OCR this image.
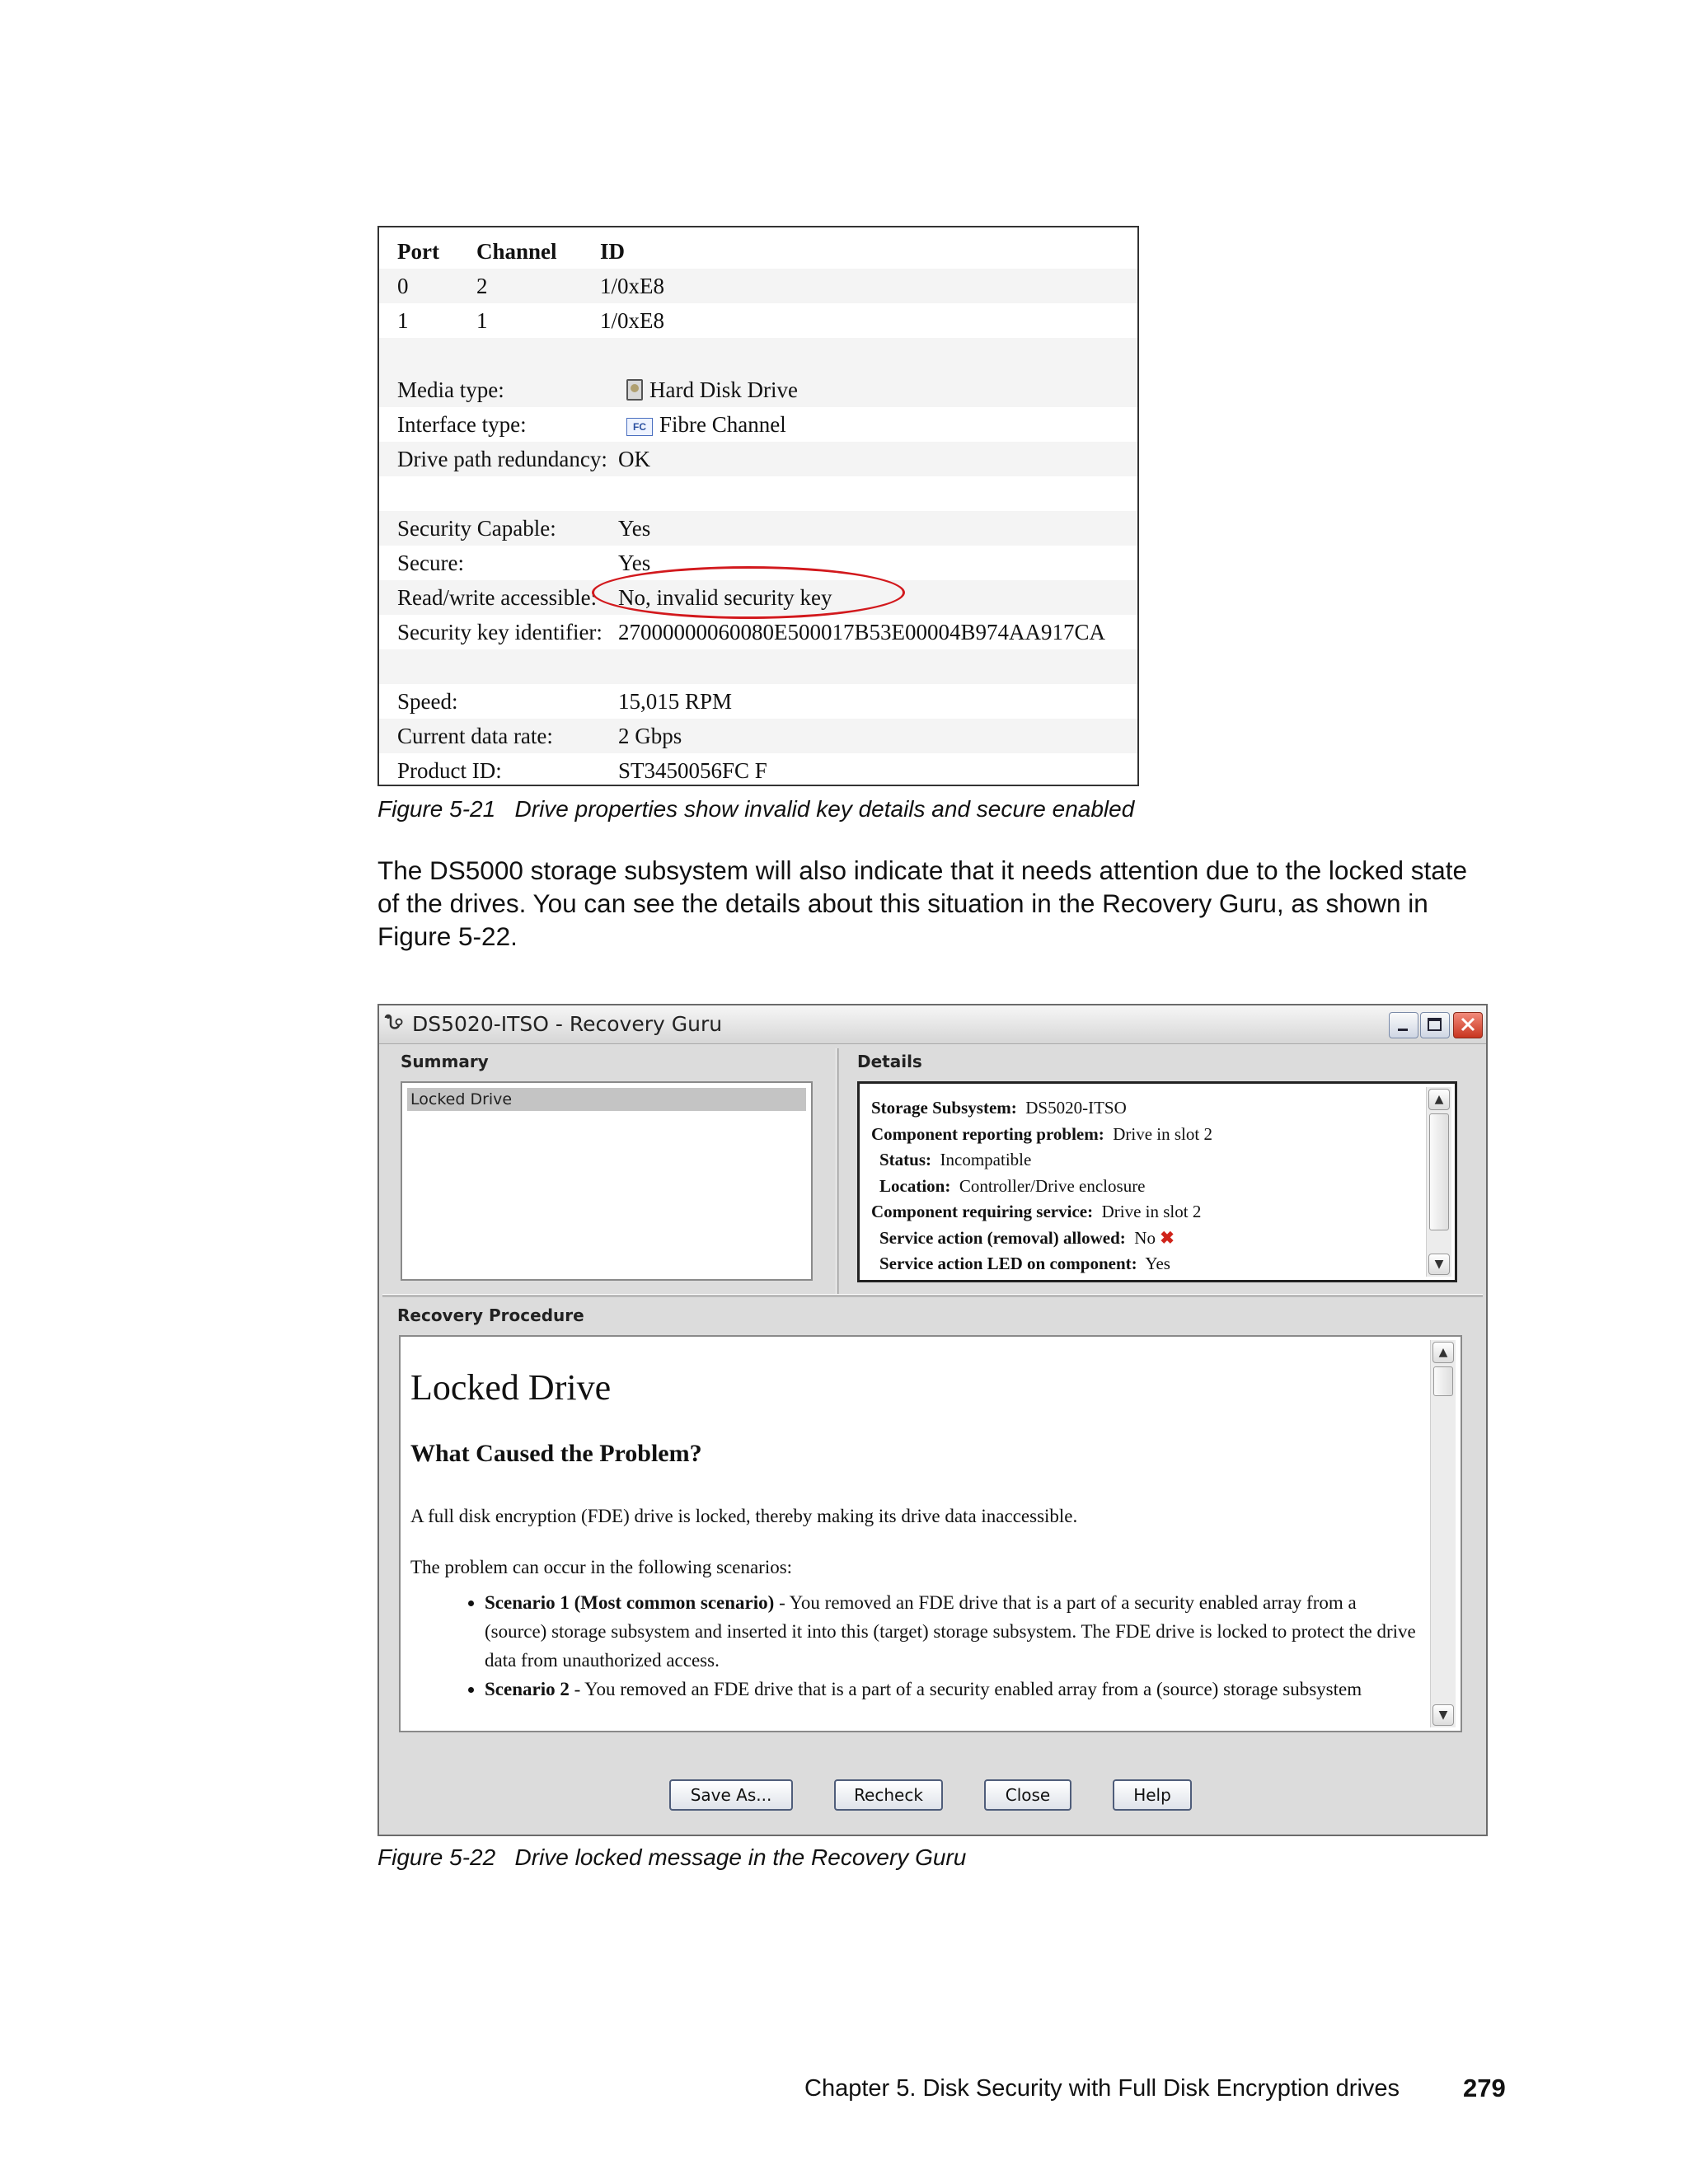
Port Channel ID
0	2	1/0xE8
1	1	1/0xE8
Media type:	Hard Disk Drive
Interface type:	FC Fibre Channel
Drive path redundancy: OK
Security Capable:	Yes
Secure:	Yes
Read/write accessible: No, invalid security key
Security key identifier: 27000000060080E500017B53E00004B974AA917CA
Speed:	15,015 RPM
Current data rate:	2 Gbps
Product ID:	ST3450056FC F
Figure 5-21 Drive properties show invalid key details and secure enabled
The DS5000 storage subsystem will also indicate that it needs attention due to the locked state of the drives. You can see the details about this situation in the Recovery Guru, as shown in Figure 5-22.
DS5020-ITSO - Recovery Guru
Summary
Locked Drive
Details
Storage Subsystem: DS5020-ITSO
Component reporting problem: Drive in slot 2
Status: Incompatible
Location: Controller/Drive enclosure
Component requiring service: Drive in slot 2
Service action (removal) allowed: No ✖
Service action LED on component: Yes
▲
▼
Recovery Procedure
Locked Drive
What Caused the Problem?
A full disk encryption (FDE) drive is locked, thereby making its drive data inaccessible.
The problem can occur in the following scenarios:
• Scenario 1 (Most common scenario) - You removed an FDE drive that is a part of a security enabled array from a (source) storage subsystem and inserted it into this (target) storage subsystem. The FDE drive is locked to protect the drive data from unauthorized access.
• Scenario 2 - You removed an FDE drive that is a part of a security enabled array from a (source) storage subsystem
▲
▼
Save As...	Recheck	Close	Help
Figure 5-22 Drive locked message in the Recovery Guru
Chapter 5. Disk Security with Full Disk Encryption drives 279
